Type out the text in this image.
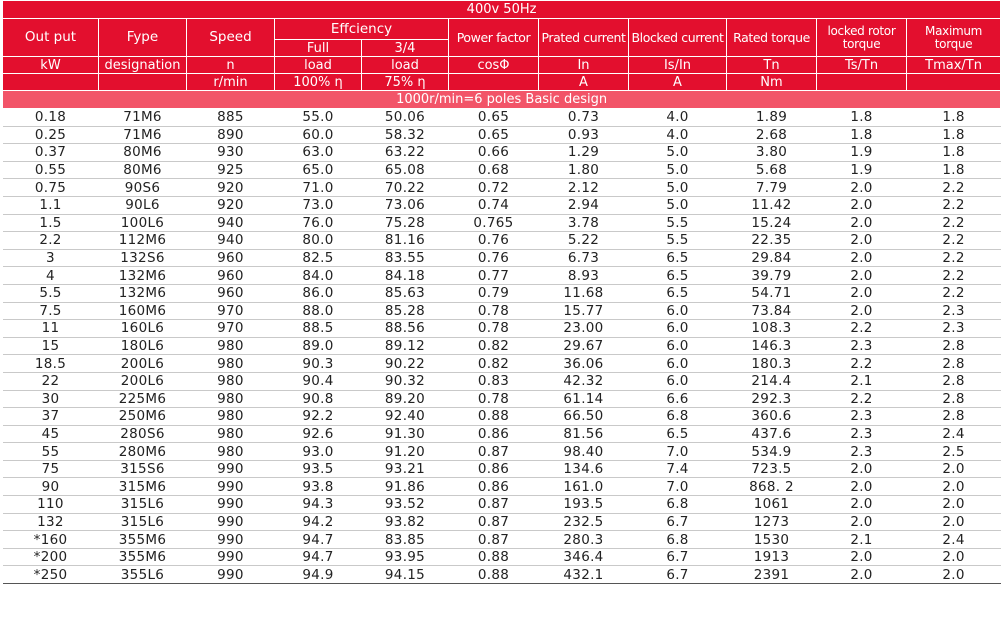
400v 50Hz										
Out put	Fype	Speed	Effciency		Power factor	Prated current	Blocked current	Rated torque	locked rotor torque	Maximum torque
			Full	3/4						
kW	designation	n	load	load	cosΦ	In	Is/In	Tn	Ts/Tn	Tmax/Tn
		r/min	100% η	75% η		A	A	Nm		
1000r/min=6 poles Basic design										
0.18	71M6	885	55.0	50.06	0.65	0.73	4.0	1.89	1.8	1.8
0.25	71M6	890	60.0	58.32	0.65	0.93	4.0	2.68	1.8	1.8
0.37	80M6	930	63.0	63.22	0.66	1.29	5.0	3.80	1.9	1.8
0.55	80M6	925	65.0	65.08	0.68	1.80	5.0	5.68	1.9	1.8
0.75	90S6	920	71.0	70.22	0.72	2.12	5.0	7.79	2.0	2.2
1.1	90L6	920	73.0	73.06	0.74	2.94	5.0	11.42	2.0	2.2
1.5	100L6	940	76.0	75.28	0.765	3.78	5.5	15.24	2.0	2.2
2.2	112M6	940	80.0	81.16	0.76	5.22	5.5	22.35	2.0	2.2
3	132S6	960	82.5	83.55	0.76	6.73	6.5	29.84	2.0	2.2
4	132M6	960	84.0	84.18	0.77	8.93	6.5	39.79	2.0	2.2
5.5	132M6	960	86.0	85.63	0.79	11.68	6.5	54.71	2.0	2.2
7.5	160M6	970	88.0	85.28	0.78	15.77	6.0	73.84	2.0	2.3
11	160L6	970	88.5	88.56	0.78	23.00	6.0	108.3	2.2	2.3
15	180L6	980	89.0	89.12	0.82	29.67	6.0	146.3	2.3	2.8
18.5	200L6	980	90.3	90.22	0.82	36.06	6.0	180.3	2.2	2.8
22	200L6	980	90.4	90.32	0.83	42.32	6.0	214.4	2.1	2.8
30	225M6	980	90.8	89.20	0.78	61.14	6.6	292.3	2.2	2.8
37	250M6	980	92.2	92.40	0.88	66.50	6.8	360.6	2.3	2.8
45	280S6	980	92.6	91.30	0.86	81.56	6.5	437.6	2.3	2.4
55	280M6	980	93.0	91.20	0.87	98.40	7.0	534.9	2.3	2.5
75	315S6	990	93.5	93.21	0.86	134.6	7.4	723.5	2.0	2.0
90	315M6	990	93.8	91.86	0.86	161.0	7.0	868. 2	2.0	2.0
110	315L6	990	94.3	93.52	0.87	193.5	6.8	1061	2.0	2.0
132	315L6	990	94.2	93.82	0.87	232.5	6.7	1273	2.0	2.0
*160	355M6	990	94.7	83.85	0.87	280.3	6.8	1530	2.1	2.4
*200	355M6	990	94.7	93.95	0.88	346.4	6.7	1913	2.0	2.0
*250	355L6	990	94.9	94.15	0.88	432.1	6.7	2391	2.0	2.0
